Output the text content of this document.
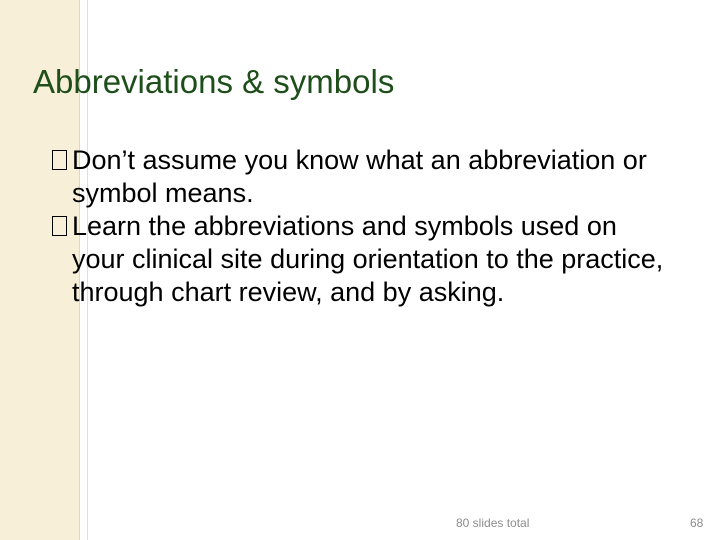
Abbreviations & symbols
Don’t assume you know what an abbreviation or symbol means.
Learn the abbreviations and symbols used on your clinical site during orientation to the practice, through chart review, and by asking.
80 slides total	68
